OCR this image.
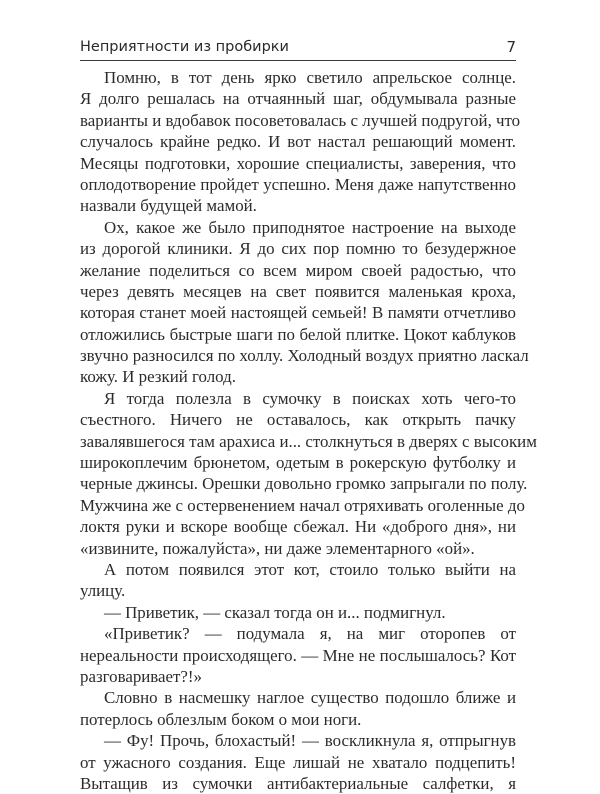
Неприятности из пробирки	7
Помню, в тот день ярко светило апрельское солнце.
Я долго решалась на отчаянный шаг, обдумывала разные
варианты и вдобавок посоветовалась с лучшей подругой, что
случалось крайне редко. И вот настал решающий момент.
Месяцы подготовки, хорошие специалисты, заверения, что
оплодотворение пройдет успешно. Меня даже напутственно
назвали будущей мамой.
Ох, какое же было приподнятое настроение на выходе
из дорогой клиники. Я до сих пор помню то безудержное
желание поделиться со всем миром своей радостью, что
через девять месяцев на свет появится маленькая кроха,
которая станет моей настоящей семьей! В памяти отчетливо
отложились быстрые шаги по белой плитке. Цокот каблуков
звучно разносился по холлу. Холодный воздух приятно ласкал
кожу. И резкий голод.
Я тогда полезла в сумочку в поисках хоть чего-то
съестного. Ничего не оставалось, как открыть пачку
завалявшегося там арахиса и... столкнуться в дверях с высоким
широкоплечим брюнетом, одетым в рокерскую футболку и
черные джинсы. Орешки довольно громко запрыгали по полу.
Мужчина же с остервенением начал отряхивать оголенные до
локтя руки и вскоре вообще сбежал. Ни «доброго дня», ни
«извините, пожалуйста», ни даже элементарного «ой».
А потом появился этот кот, стоило только выйти на
улицу.
— Приветик, — сказал тогда он и... подмигнул.
«Приветик? — подумала я, на миг оторопев от
нереальности происходящего. — Мне не послышалось? Кот
разговаривает?!»
Словно в насмешку наглое существо подошло ближе и
потерлось облезлым боком о мои ноги.
— Фу! Прочь, блохастый! — воскликнула я, отпрыгнув
от ужасного создания. Еще лишай не хватало подцепить!
Вытащив из сумочки антибактериальные салфетки, я
